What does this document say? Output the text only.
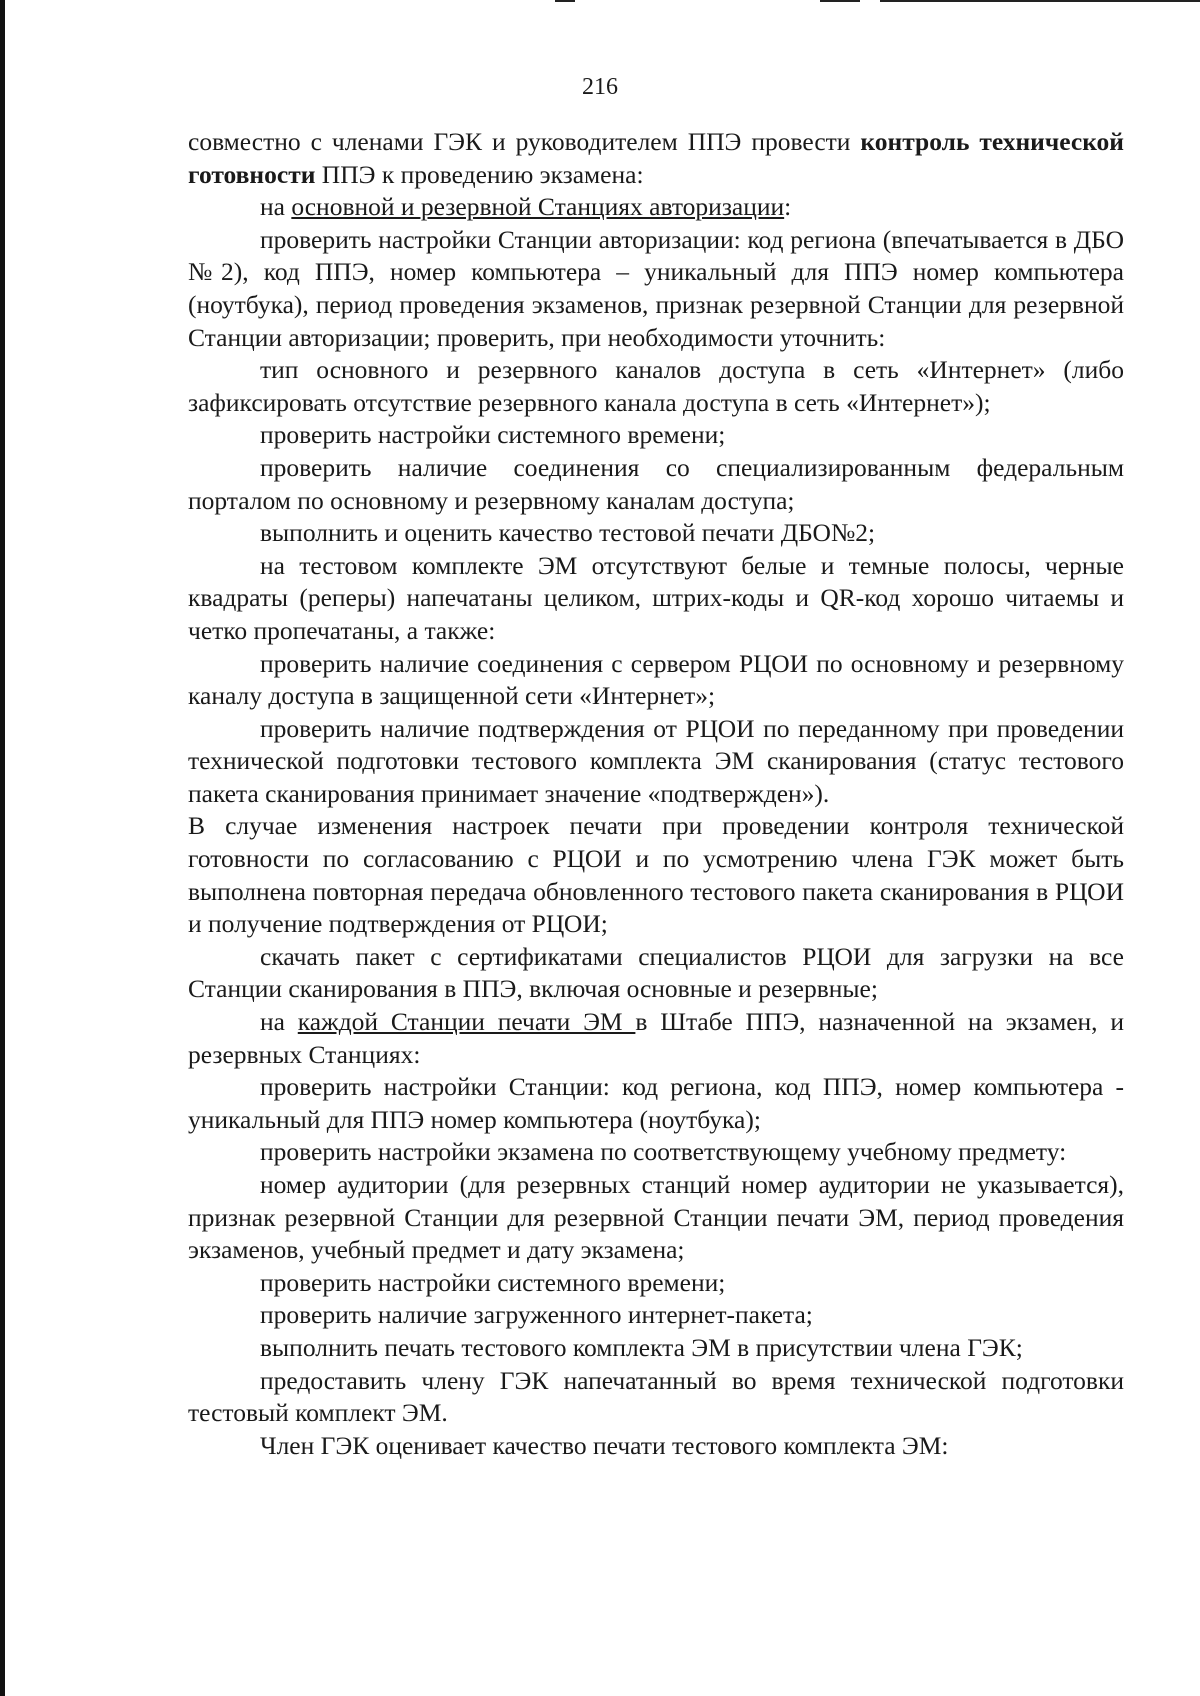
216

совместно с членами ГЭК и руководителем ППЭ провести контроль технической готовности ППЭ к проведению экзамена:

на основной и резервной Станциях авторизации:

проверить настройки Станции авторизации: код региона (впечатывается в ДБО №2), код ППЭ, номер компьютера – уникальный для ППЭ номер компьютера (ноутбука), период проведения экзаменов, признак резервной Станции для резервной Станции авторизации; проверить, при необходимости уточнить:

тип основного и резервного каналов доступа в сеть «Интернет» (либо зафиксировать отсутствие резервного канала доступа в сеть «Интернет»);

проверить настройки системного времени;

проверить наличие соединения со специализированным федеральным порталом по основному и резервному каналам доступа;

выполнить и оценить качество тестовой печати ДБО№2;

на тестовом комплекте ЭМ отсутствуют белые и темные полосы, черные квадраты (реперы) напечатаны целиком, штрих-коды и QR-код хорошо читаемы и четко пропечатаны, а также:

проверить наличие соединения с сервером РЦОИ по основному и резервному каналу доступа в защищенной сети «Интернет»;

проверить наличие подтверждения от РЦОИ по переданному при проведении технической подготовки тестового комплекта ЭМ сканирования (статус тестового пакета сканирования принимает значение «подтвержден»).

В случае изменения настроек печати при проведении контроля технической готовности по согласованию с РЦОИ и по усмотрению члена ГЭК может быть выполнена повторная передача обновленного тестового пакета сканирования в РЦОИ и получение подтверждения от РЦОИ;

скачать пакет с сертификатами специалистов РЦОИ для загрузки на все Станции сканирования в ППЭ, включая основные и резервные;

на каждой Станции печати ЭМ в Штабе ППЭ, назначенной на экзамен, и резервных Станциях:

проверить настройки Станции: код региона, код ППЭ, номер компьютера - уникальный для ППЭ номер компьютера (ноутбука);

проверить настройки экзамена по соответствующему учебному предмету:

номер аудитории (для резервных станций номер аудитории не указывается), признак резервной Станции для резервной Станции печати ЭМ, период проведения экзаменов, учебный предмет и дату экзамена;

проверить настройки системного времени;

проверить наличие загруженного интернет-пакета;

выполнить печать тестового комплекта ЭМ в присутствии члена ГЭК;

предоставить члену ГЭК напечатанный во время технической подготовки тестовый комплект ЭМ.

Член ГЭК оценивает качество печати тестового комплекта ЭМ:
